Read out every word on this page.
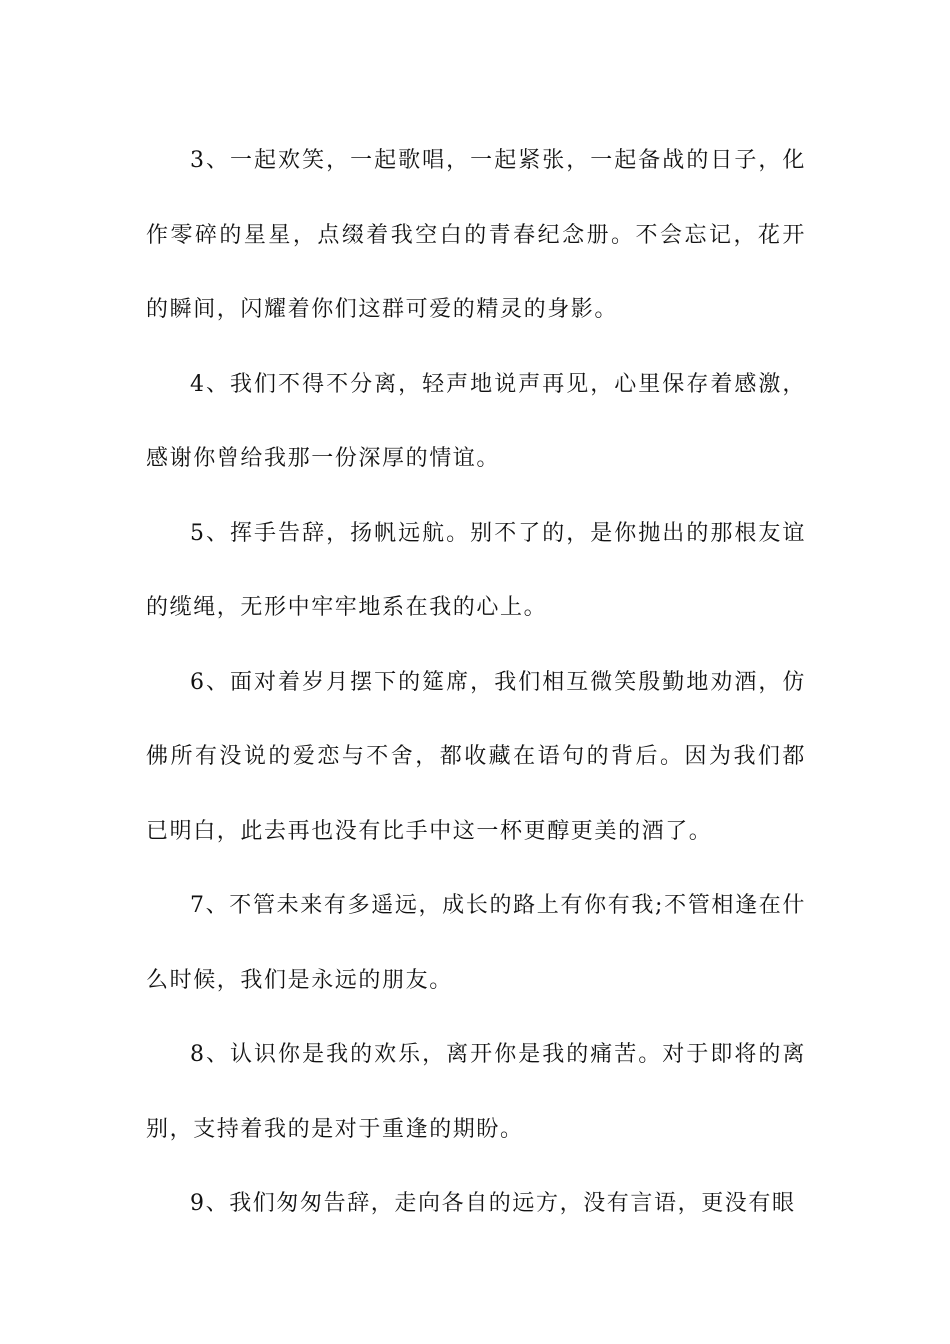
3、一起欢笑，一起歌唱，一起紧张，一起备战的日子，化作零碎的星星，点缀着我空白的青春纪念册。不会忘记，花开的瞬间，闪耀着你们这群可爱的精灵的身影。

4、我们不得不分离，轻声地说声再见，心里保存着感激，感谢你曾给我那一份深厚的情谊。

5、挥手告辞，扬帆远航。别不了的，是你抛出的那根友谊的缆绳，无形中牢牢地系在我的心上。

6、面对着岁月摆下的筵席，我们相互微笑殷勤地劝酒，仿佛所有没说的爱恋与不舍，都收藏在语句的背后。因为我们都已明白，此去再也没有比手中这一杯更醇更美的酒了。

7、不管未来有多遥远，成长的路上有你有我;不管相逢在什么时候，我们是永远的朋友。

8、认识你是我的欢乐，离开你是我的痛苦。对于即将的离别，支持着我的是对于重逢的期盼。

9、我们匆匆告辞，走向各自的远方，没有言语，更没有眼
